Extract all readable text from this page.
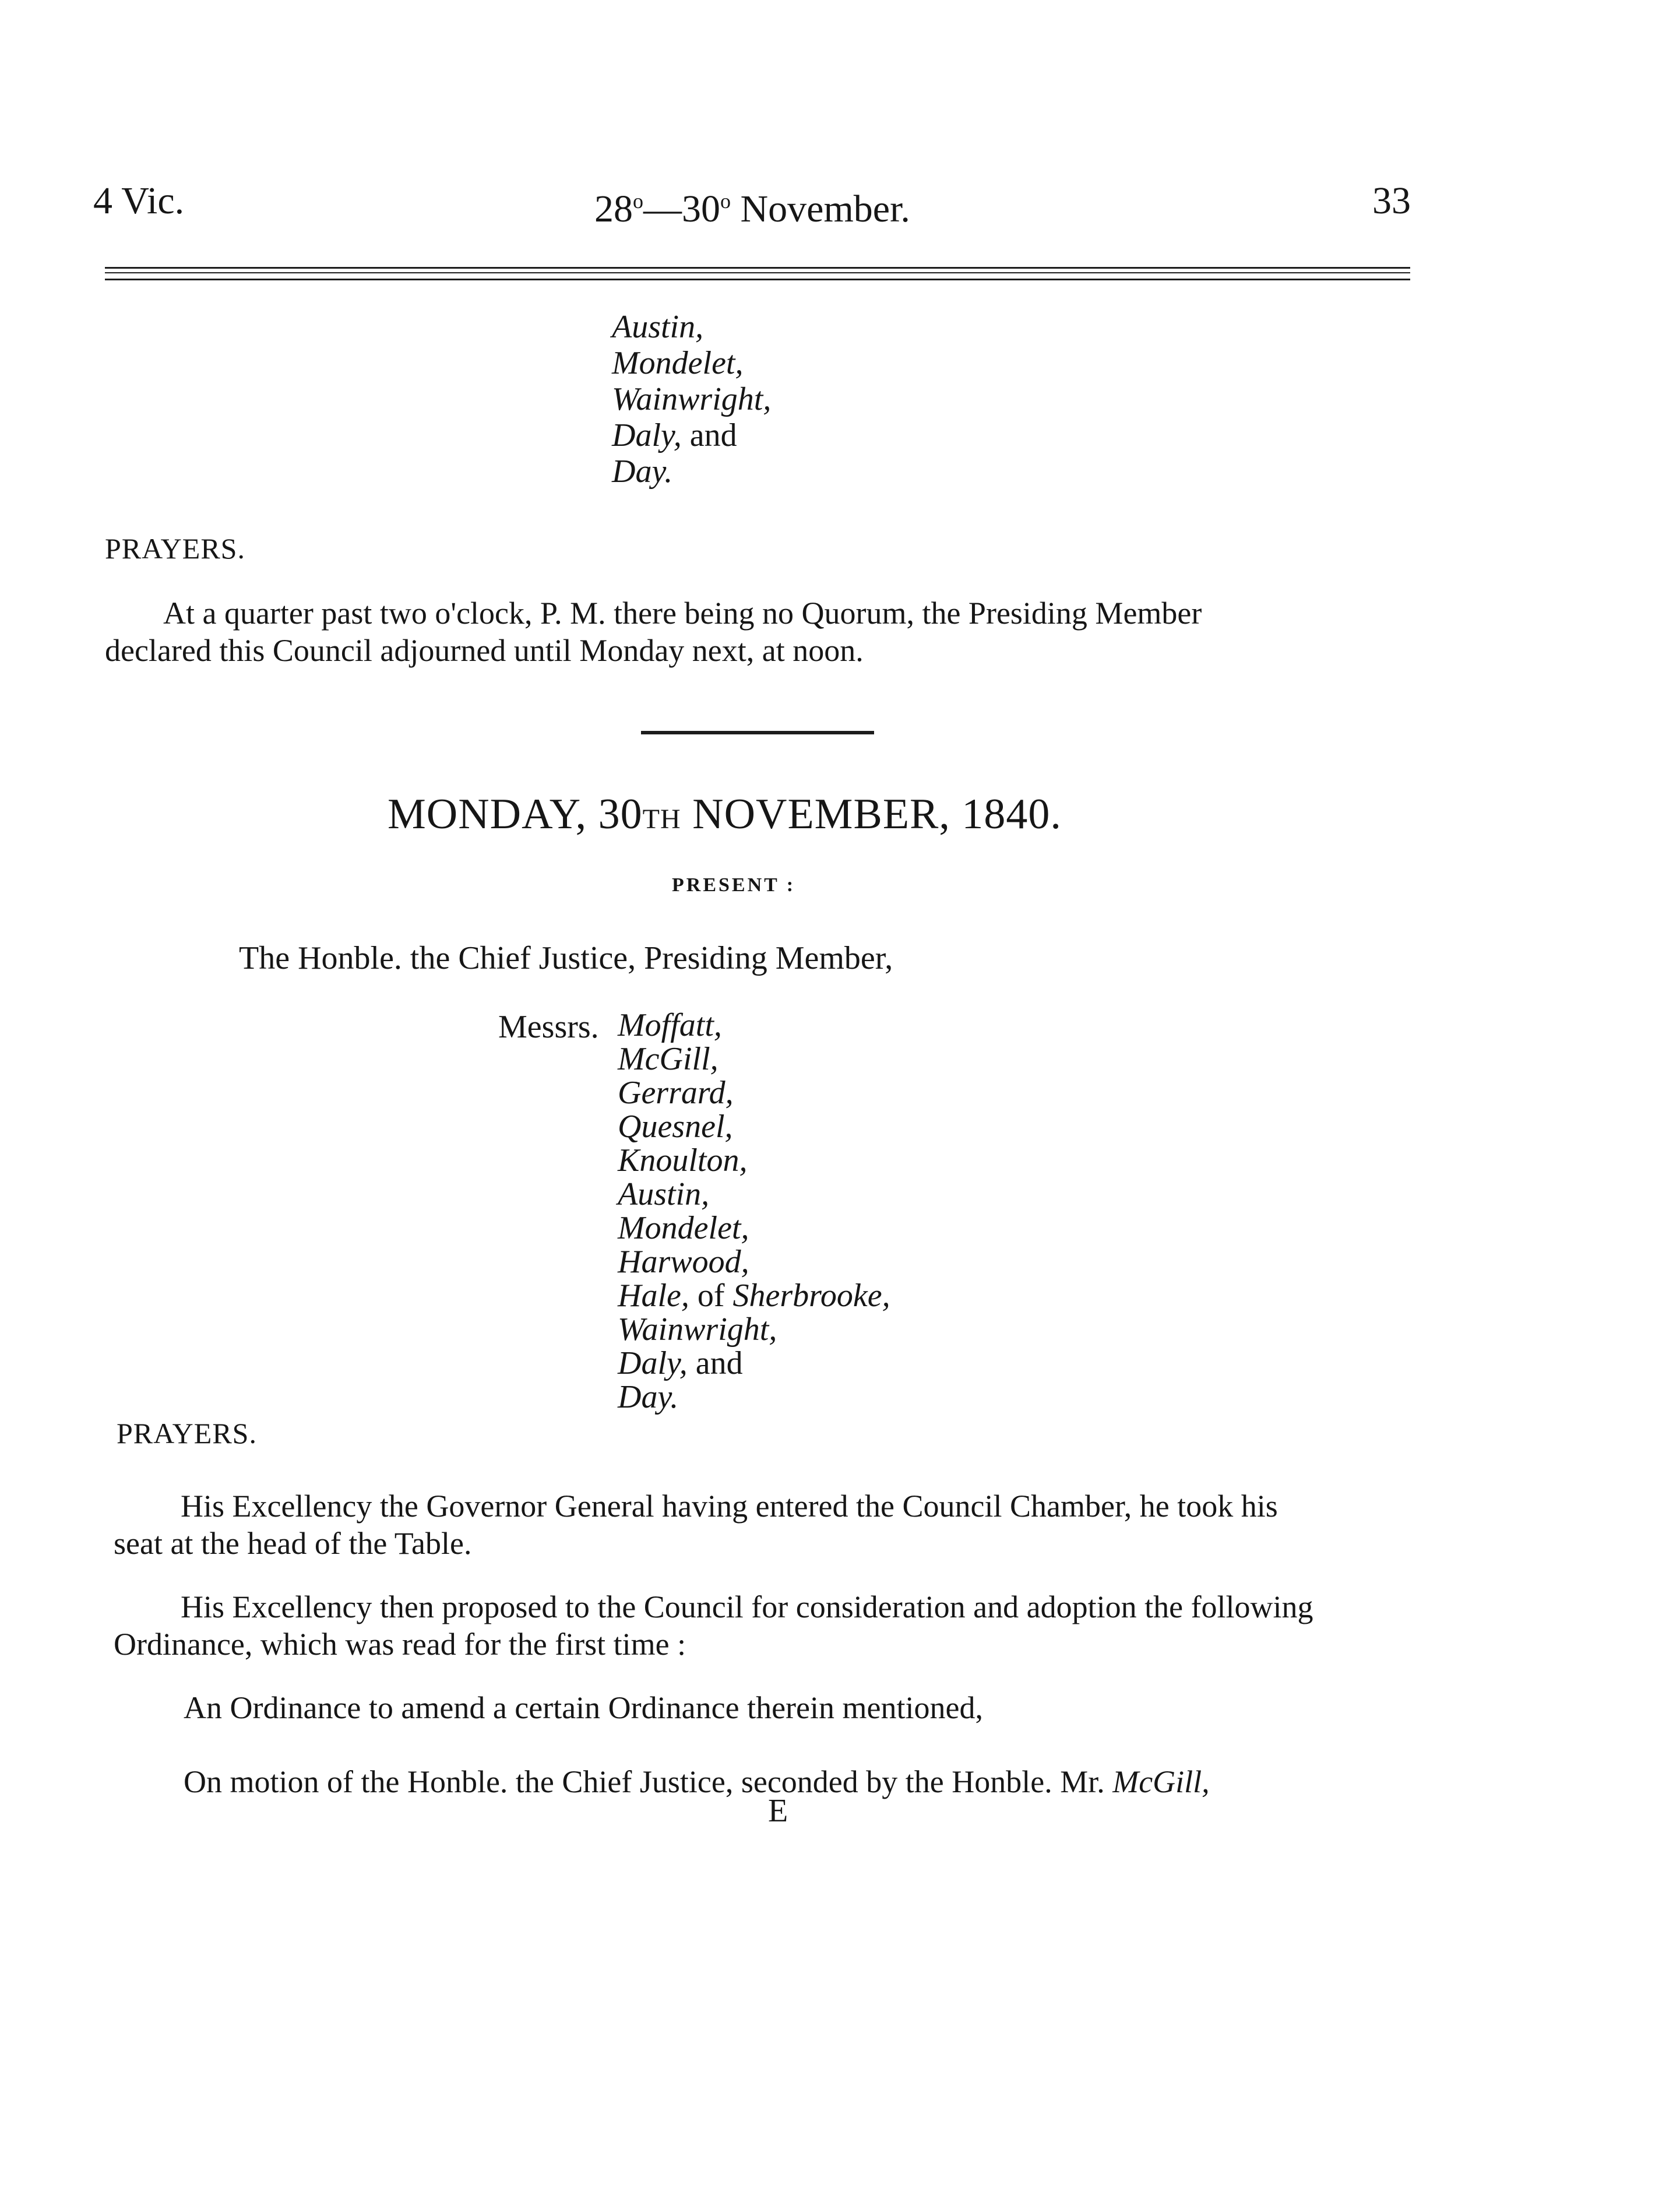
4 Vic.	28$^o$—30$^o$ November.	33
Austin,
Mondelet,
Wainwright,
Daly, and
Day.
PRAYERS.
At a quarter past two o'clock, P. M. there being no Quorum, the Presiding Member
declared this Council adjourned until Monday next, at noon.
MONDAY, 30TH NOVEMBER, 1840.
PRESENT :
The Honble. the Chief Justice, Presiding Member,
Messrs. Moffatt,
McGill,
Gerrard,
Quesnel,
Knoulton,
Austin,
Mondelet,
Harwood,
Hale, of Sherbrooke,
Wainwright,
Daly, and
Day.
PRAYERS.
His Excellency the Governor General having entered the Council Chamber, he took his
seat at the head of the Table.
His Excellency then proposed to the Council for consideration and adoption the following
Ordinance, which was read for the first time :
An Ordinance to amend a certain Ordinance therein mentioned,
On motion of the Honble. the Chief Justice, seconded by the Honble. Mr. McGill,
E
